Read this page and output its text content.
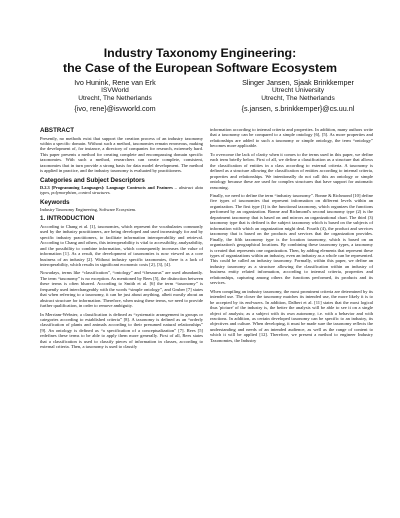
Industry Taxonomy Engineering:
the Case of the European Software Ecosystem
Ivo Hunink, Rene van Erk
ISVWorld
Utrecht, The Netherlands
{ivo, rene}@isvworld.com
Slinger Jansen, Sjaak Brinkkemper
Utrecht University
Utrecht, The Netherlands
{s.jansen, s.brinkkemper}@cs.uu.nl
ABSTRACT

Presently, no methods exist that support the creation process of an industry taxonomy within a specific domain. Without such a method, taxonomies remain erroneous, making the development of, for instance, a directory of companies for research, extremely hard. This paper presents a method for creating complete and encompassing domain specific taxonomies. With such a method, researchers can create complete, consistent, taxonomies that in turn provide a strong basis for data model development. The method is applied in practice, and the industry taxonomy is evaluated by practitioners.

Categories and Subject Descriptors

D.2.3 [Programming Languages]: Language Contructs and Features – abstract data types, polymorphism, control structures.

Keywords

Industry Taxonomy Engineering, Software Ecosystem.

1. INTRODUCTION

According to Chang et al. [1], taxonomies, which represent the vocabularies commonly used by the industry practitioners, are being developed and used increasingly for and by specific industry practitioners, to facilitate information interoperability and retrieval. According to Chang and others, this interoperability is vital to accessibility, analyzability, and the possibility to combine information, which consequently increases the value of information [1]. As a result, the development of taxonomies is now viewed as a core business of an industry [2]. Without industry specific taxonomies, there is a lack of interoperability, which results in significant economic costs [2], [3], [4].

Nowadays, terms like “classification”, “ontology” and “thesaurus” are used abundantly. The term “taxonomy” is no exception. As mentioned by Rees [5], the distinction between these terms is often blurred. According to Smith et al. [6] the term “taxonomy” is frequently used interchangeably with the words “simple ontology”, and Gruber [7] states that when referring to a taxonomy, it can be just about anything, albeit mostly about an abstract structure for information. Therefore, when using these terms, we need to provide further qualification, in order to remove ambiguity.

In Merriam-Webster, a classification is defined as “systematic arrangement in groups or categories according to established criteria” [8]. A taxonomy is defined as an “orderly classification of plants and animals according to their presumed natural relationships” [9]. An ontology is defined as “a specification of a conceptualization” [7]. Rees [5] redefines these terms to be able to apply them more generally. First of all, Rees states that a classification is used to classify pieces of information in classes, according to external criteria. Then, a taxonomy is used to classify

information according to internal criteria and properties. In addition, many authors write that a taxonomy can be compared to a simple ontology [6], [5]. As more properties and relationships are added to such a taxonomy or simple ontology, the term “ontology” becomes more applicable.

To overcome the lack of clarity when it comes to the terms used in this paper, we define each term briefly below. First of all, we define a classification as a structure that allows the classification of entities in a class according to external criteria. A taxonomy is defined as a structure allowing the classification of entities according to internal criteria, properties and relationships. We intentionally do not call this an ontology or simple ontology because these are used for complex structures that have support for automatic reasoning.

Finally, we need to define the term “industry taxonomy”. Bonne & Richmond [10] define five types of taxonomies that represent information on different levels within an organization. The first type (1) is the functional taxonomy, which organizes the functions performed by an organization. Bonne and Richmond's second taxonomy type (2) is the department taxonomy that is based on and mirrors an organizational chart. The third (3) taxonomy type that is defined is the subject taxonomy which is based on the subjects of information with which an organization might deal. Fourth (4), the product and services taxonomy that is based on the products and services that the organization provides. Finally, the fifth taxonomy type is the location taxonomy, which is based on an organization's geographical locations. By combining these taxonomy types, a taxonomy is created that represents one organization. Then, by adding elements that represent these types of organizations within an industry, even an industry as a whole can be represented. This could be called an industry taxonomy. Formally, within this paper, we define an industry taxonomy as a structure allowing the classification within an industry of business entity related information, according to internal criteria, properties and relationships, capturing among others the functions performed, its products and its services.

When compiling an industry taxonomy, the most prominent criteria are determined by its intended use. The closer the taxonomy matches its intended use, the more likely it is to be accepted by its end-users. In addition, Dalbert et al. [11] states that the most logical thus 'picture' of the industry is, the better the analysis will be able to see it on a single object of analysis; as a subject with its own autonomy, i.e. with a behavior and with reactions. In addition, as certain developed taxonomy can be specific to an industry, its objectives and culture. When developing, it must be made sure the taxonomy reflects the understanding and needs of an intended audience, as well as the range of content to which it will be applied [12]. Therefore, we present a method to engineer Industry Taxonomies, the Industry
